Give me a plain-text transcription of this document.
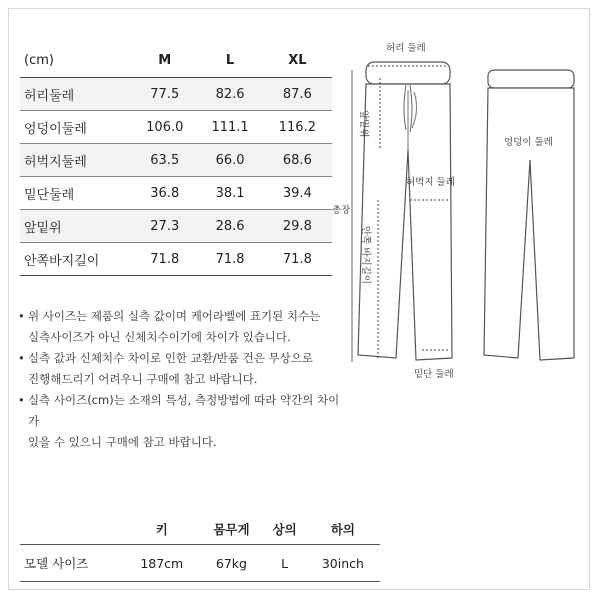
(cm)	M	L	XL
허리둘레	77.5	82.6	87.6
엉덩이둘레	106.0	111.1	116.2
허벅지둘레	63.5	66.0	68.6
밑단둘레	36.8	38.1	39.4
앞밑위	27.3	28.6	29.8
안쪽바지길이	71.8	71.8	71.8
• 위 사이즈는 제품의 실측 값이며 케어라벨에 표기된 치수는
실측사이즈가 아닌 신체치수이기에 차이가 있습니다.
• 실측 값과 신체치수 차이로 인한 교환/반품 건은 무상으로
진행해드리기 어려우니 구매에 참고 바랍니다.
• 실측 사이즈(cm)는 소재의 특성, 측정방법에 따라 약간의 차이가
있을 수 있으니 구매에 참고 바랍니다.
	키	몸무게	상의	하의
모델 사이즈	187cm	67kg	L	30inch
허리 둘레
앞밑위
허벅지 둘레
총장
안쪽 바지길이
밑단 둘레
엉덩이 둘레
